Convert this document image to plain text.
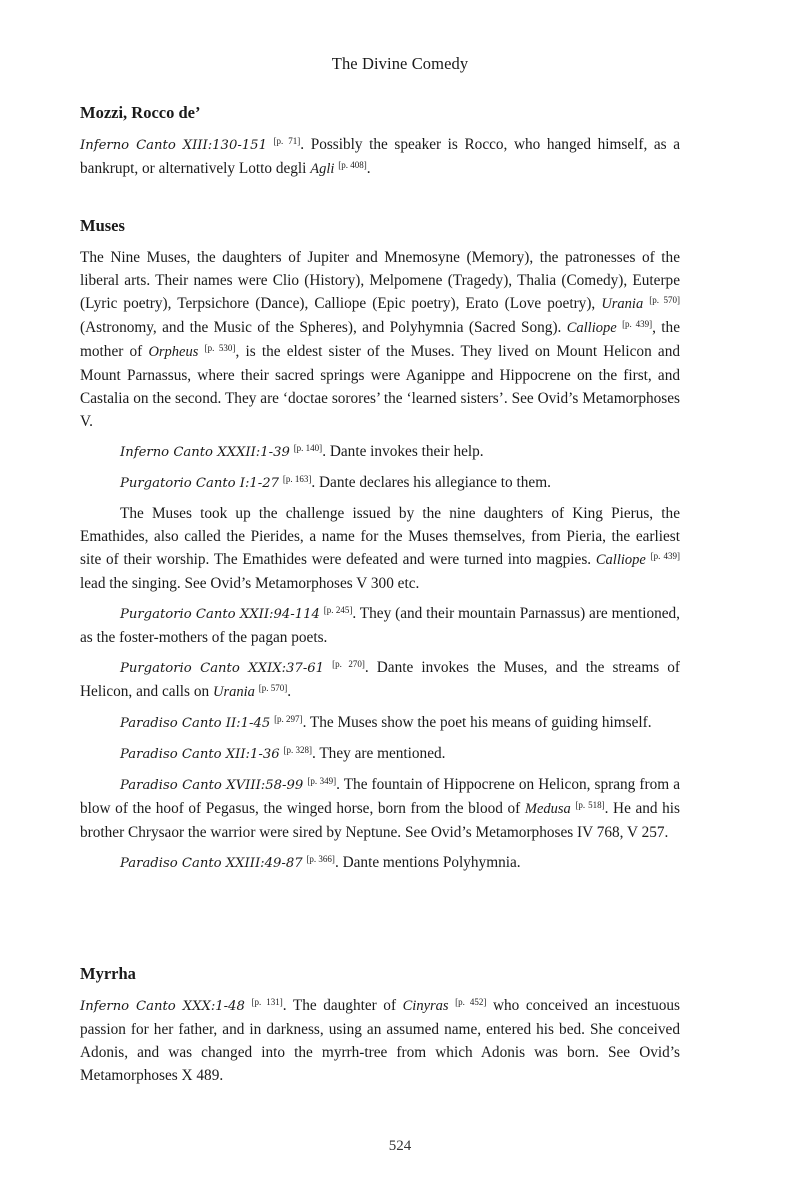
The Divine Comedy
Mozzi, Rocco de’

Inferno Canto XIII:130-151 [p. 71]. Possibly the speaker is Rocco, who hanged himself, as a bankrupt, or alternatively Lotto degli Agli [p. 408].

Muses

The Nine Muses, the daughters of Jupiter and Mnemosyne (Memory), the patronesses of the liberal arts. Their names were Clio (History), Melpomene (Tragedy), Thalia (Comedy), Euterpe (Lyric poetry), Terpsichore (Dance), Calliope (Epic poetry), Erato (Love poetry), Urania [p. 570] (Astronomy, and the Music of the Spheres), and Polyhymnia (Sacred Song). Calliope [p. 439], the mother of Orpheus [p. 530], is the eldest sister of the Muses. They lived on Mount Helicon and Mount Parnassus, where their sacred springs were Aganippe and Hippocrene on the first, and Castalia on the second. They are ‘doctae sorores’ the ‘learned sisters’. See Ovid’s Metamorphoses V.

Inferno Canto XXXII:1-39 [p. 140]. Dante invokes their help.

Purgatorio Canto I:1-27 [p. 163]. Dante declares his allegiance to them.

The Muses took up the challenge issued by the nine daughters of King Pierus, the Emathides, also called the Pierides, a name for the Muses themselves, from Pieria, the earliest site of their worship. The Emathides were defeated and were turned into magpies. Calliope [p. 439] lead the singing. See Ovid’s Metamorphoses V 300 etc.

Purgatorio Canto XXII:94-114 [p. 245]. They (and their mountain Parnassus) are mentioned, as the foster-mothers of the pagan poets.

Purgatorio Canto XXIX:37-61 [p. 270]. Dante invokes the Muses, and the streams of Helicon, and calls on Urania [p. 570].

Paradiso Canto II:1-45 [p. 297]. The Muses show the poet his means of guiding himself.

Paradiso Canto XII:1-36 [p. 328]. They are mentioned.

Paradiso Canto XVIII:58-99 [p. 349]. The fountain of Hippocrene on Helicon, sprang from a blow of the hoof of Pegasus, the winged horse, born from the blood of Medusa [p. 518]. He and his brother Chrysaor the warrior were sired by Neptune. See Ovid’s Metamorphoses IV 768, V 257.

Paradiso Canto XXIII:49-87 [p. 366]. Dante mentions Polyhymnia.

Myrrha

Inferno Canto XXX:1-48 [p. 131]. The daughter of Cinyras [p. 452] who conceived an incestuous passion for her father, and in darkness, using an assumed name, entered his bed. She conceived Adonis, and was changed into the myrrh-tree from which Adonis was born. See Ovid’s Metamorphoses X 489.

524
